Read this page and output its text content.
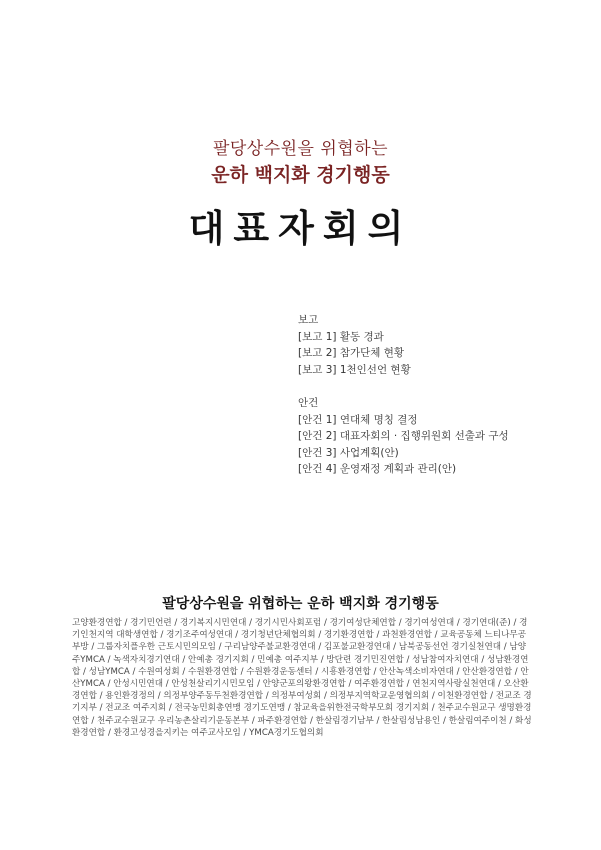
팔당상수원을 위협하는
운하 백지화 경기행동
대표자회의
보고
[보고 1] 활동 경과
[보고 2] 참가단체 현황
[보고 3] 1천인선언 현황
안건
[안건 1] 연대체 명칭 결정
[안건 2] 대표자회의 · 집행위원회 선출과 구성
[안건 3] 사업계획(안)
[안건 4] 운영재정 계획과 관리(안)
팔당상수원을 위협하는 운하 백지화 경기행동
고양환경연합 / 경기민언련 / 경기복지시민연대 / 경기시민사회포럼 / 경기여성단체연합 / 경기여성연대 / 경기연대(준) / 경기인천지역 대학생연합 / 경기조주여성연대 / 경기청년단체협의회 / 경기환경연합 / 과천환경연합 / 교육공동체 느티나무공부방 / 그룹자치플우한 근토시민의모임 / 구리남양주불교환경연대 / 김포불교환경연대 / 남북공동선언 경기실천연대 / 남양주YMCA / 녹색자치경기연대 / 안예총 경기지회 / 민예총 여주지부 / 방단련 경기민진연합 / 성남참여자치연대 / 성남환경연합 / 성남YMCA / 수원여성회 / 수원환경연합 / 수원환경운동센터 / 시흥환경연합 / 안산녹색소비자연대 / 안산환경연합 / 안산YMCA / 안성시민연대 / 안성천살리기시민모임 / 안양군포의왕환경연합 / 여주환경연합 / 연천지역사랑실천연대 / 오산환경연합 / 용인환경정의 / 의정부양주동두천환경연합 / 의정부여성회 / 의정부지역학교운영협의회 / 이천환경연합 / 전교조 경기지부 / 전교조 여주지회 / 전국농민회총연맹 경기도연맹 / 참교육을위한전국학부모회 경기지회 / 천주교수원교구 생명환경연합 / 천주교수원교구 우리농촌살리기운동본부 / 파주환경연합 / 한살림경기남부 / 한살림성남용인 / 한살림여주이천 / 화성환경연합 / 환경고성경을지키는 여주교사모임 / YMCA경기도협의회
